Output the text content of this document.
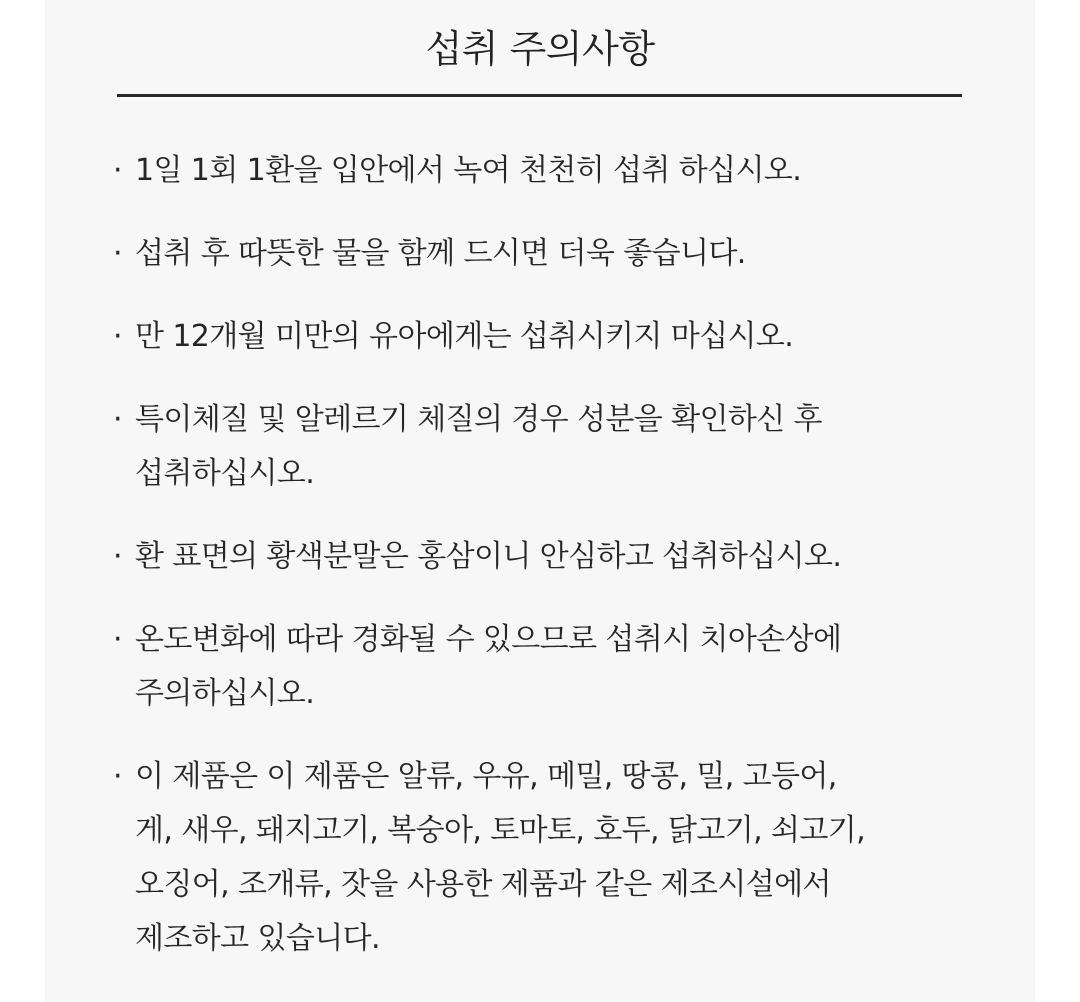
섭취 주의사항
· 1일 1회 1환을 입안에서 녹여 천천히 섭취 하십시오.
· 섭취 후 따뜻한 물을 함께 드시면 더욱 좋습니다.
· 만 12개월 미만의 유아에게는 섭취시키지 마십시오.
· 특이체질 및 알레르기 체질의 경우 성분을 확인하신 후
섭취하십시오.
· 환 표면의 황색분말은 홍삼이니 안심하고 섭취하십시오.
· 온도변화에 따라 경화될 수 있으므로 섭취시 치아손상에
주의하십시오.
· 이 제품은 이 제품은 알류, 우유, 메밀, 땅콩, 밀, 고등어,
게, 새우, 돼지고기, 복숭아, 토마토, 호두, 닭고기, 쇠고기,
오징어, 조개류, 잣을 사용한 제품과 같은 제조시설에서
제조하고 있습니다.
